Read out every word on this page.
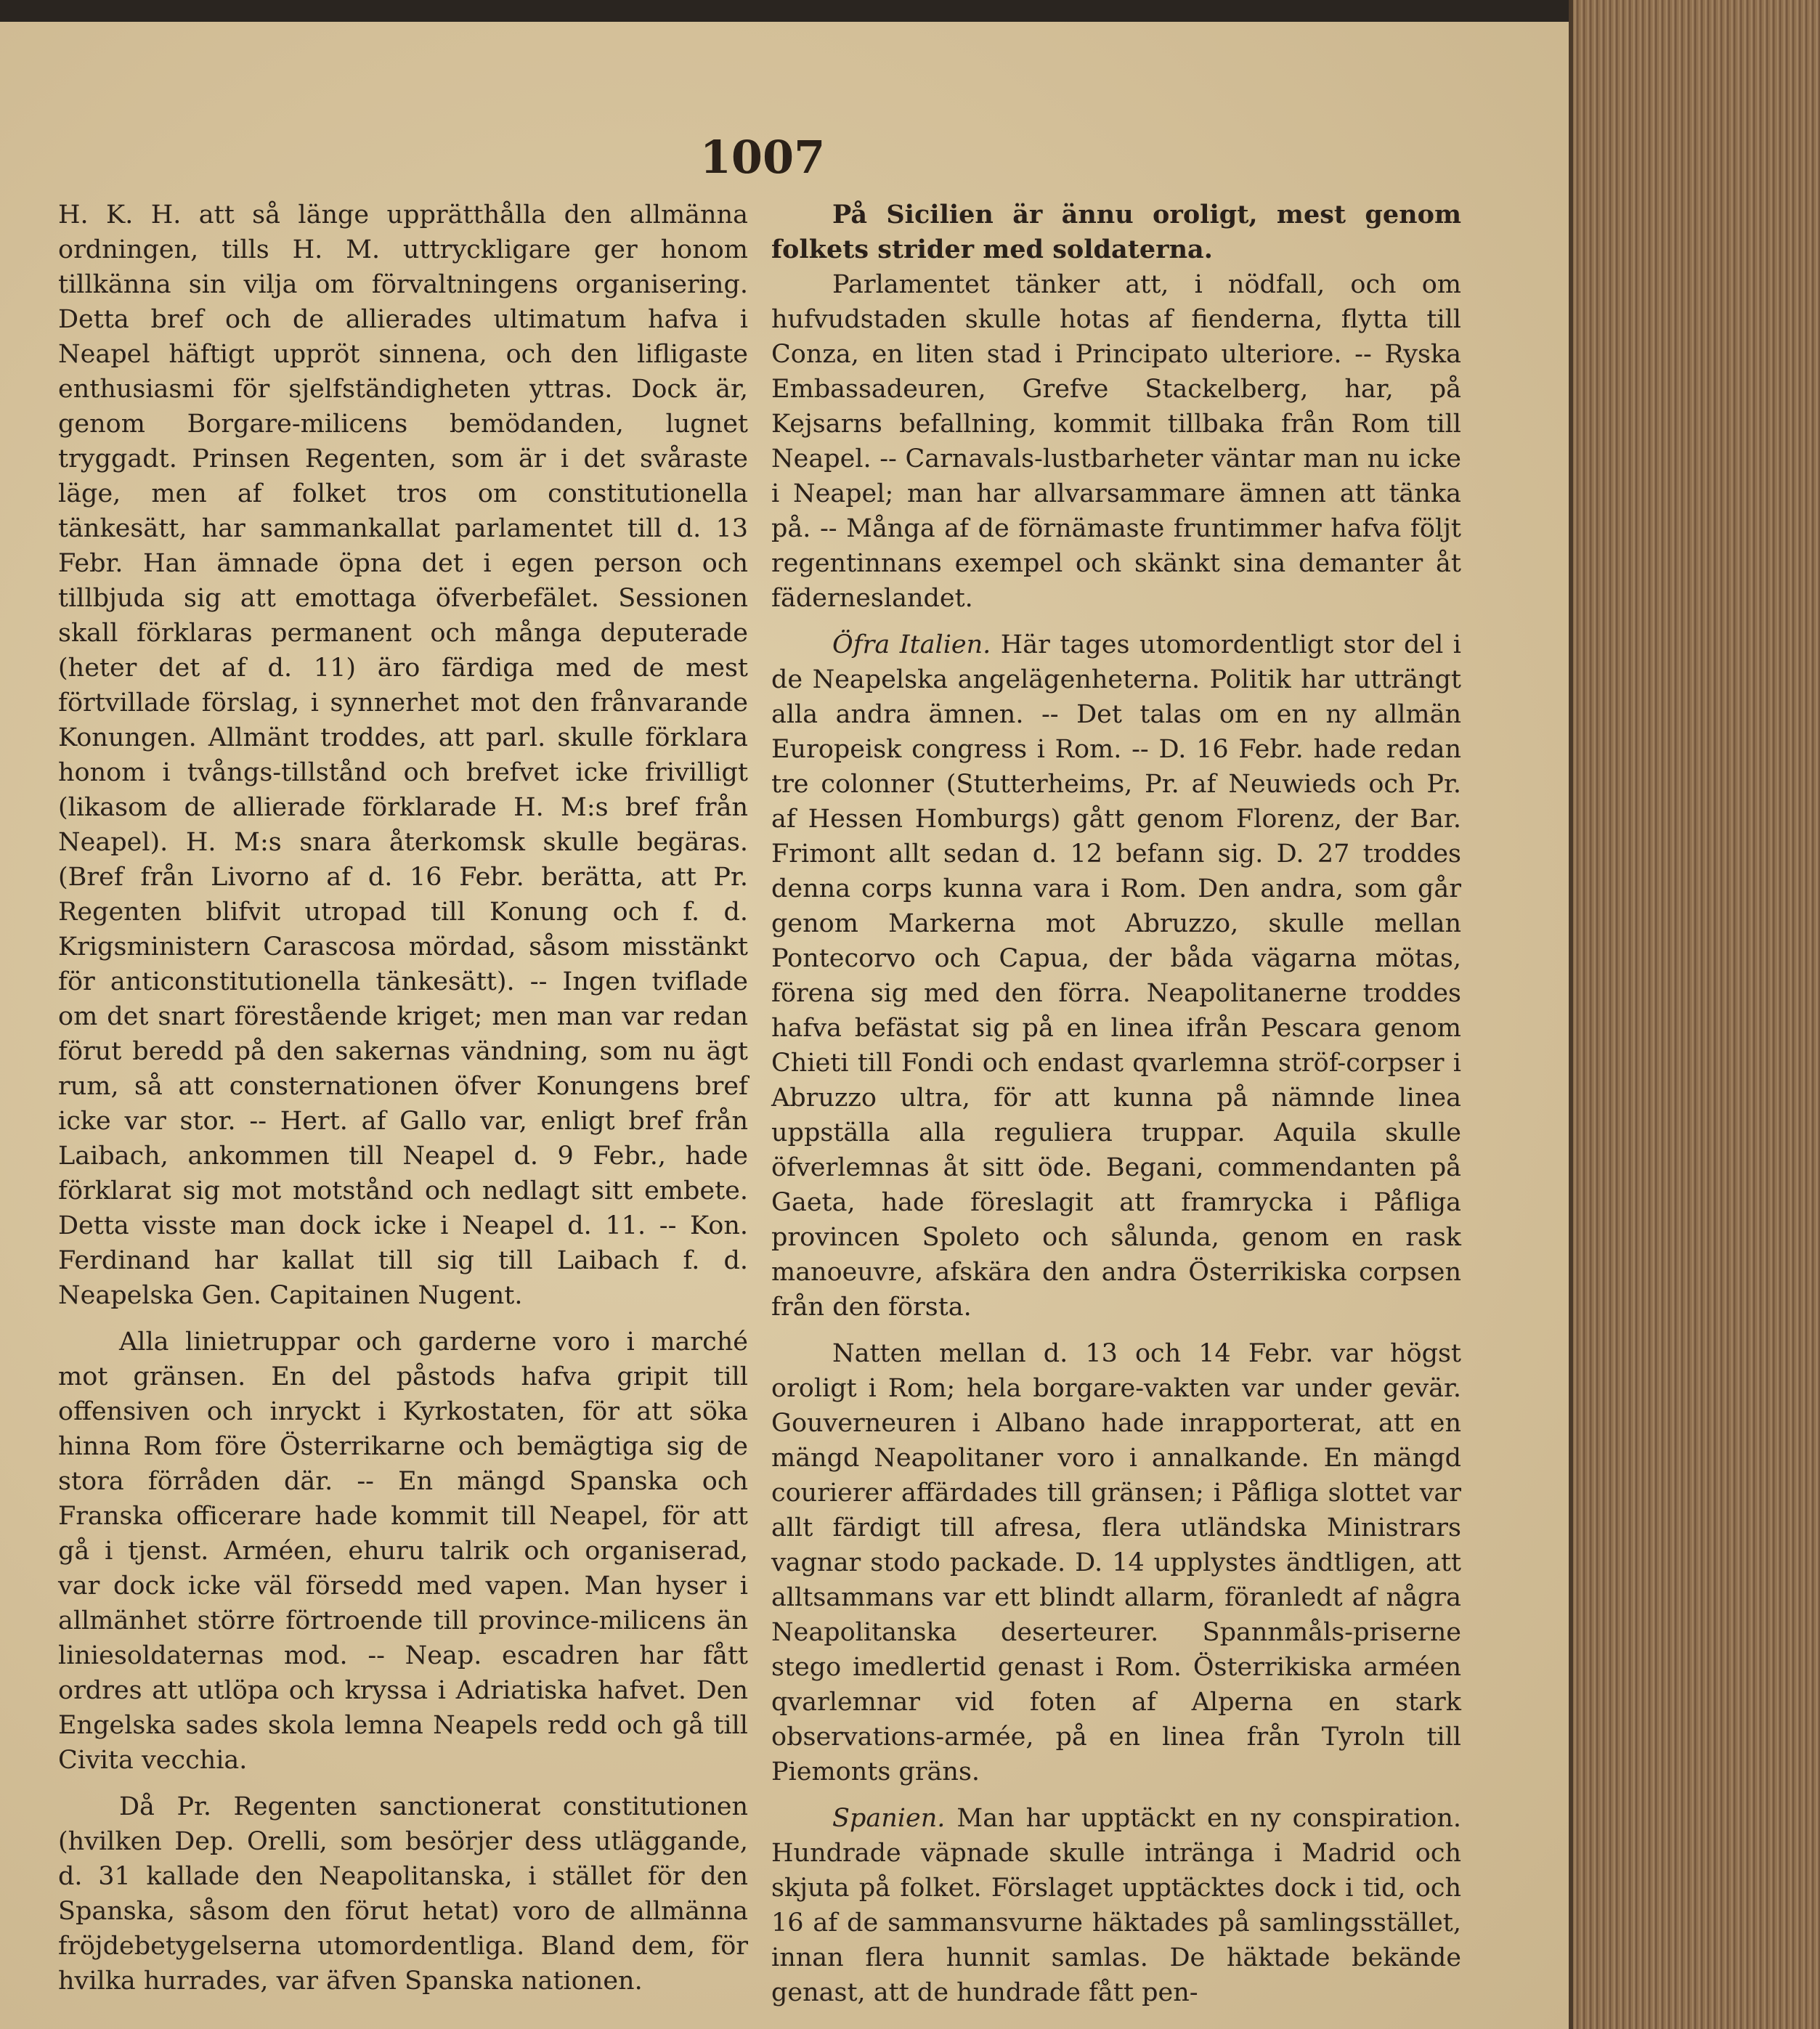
1007

H. K. H. att så länge upprätthålla den allmänna ordningen, tills H. M. uttryckligare ger honom tillkänna sin vilja om förvaltningens organisering. Detta bref och de allierades ultimatum hafva i Neapel häftigt uppröt sinnena, och den lifligaste enthusiasmi för sjelfständigheten yttras. Dock är, genom Borgare-milicens bemödanden, lugnet tryggadt. Prinsen Regenten, som är i det svåraste läge, men af folket tros om constitutionella tänkesätt, har sammankallat parlamentet till d. 13 Febr. Han ämnade öpna det i egen person och tillbjuda sig att emottaga öfverbefälet. Sessionen skall förklaras permanent och många deputerade (heter det af d. 11) äro färdiga med de mest förtvillade förslag, i synnerhet mot den frånvarande Konungen. Allmänt troddes, att parl. skulle förklara honom i tvångs-tillstånd och brefvet icke frivilligt (likasom de allierade förklarade H. M:s bref från Neapel). H. M:s snara återkomsk skulle begäras. (Bref från Livorno af d. 16 Febr. berätta, att Pr. Regenten blifvit utropad till Konung och f. d. Krigsministern Carascosa mördad, såsom misstänkt för anticonstitutionella tänkesätt). -- Ingen tviflade om det snart förestående kriget; men man var redan förut beredd på den sakernas vändning, som nu ägt rum, så att consternationen öfver Konungens bref icke var stor. -- Hert. af Gallo var, enligt bref från Laibach, ankommen till Neapel d. 9 Febr., hade förklarat sig mot motstånd och nedlagt sitt embete. Detta visste man dock icke i Neapel d. 11. -- Kon. Ferdinand har kallat till sig till Laibach f. d. Neapelska Gen. Capitainen Nugent.

Alla linietruppar och garderne voro i marché mot gränsen. En del påstods hafva gripit till offensiven och inryckt i Kyrkostaten, för att söka hinna Rom före Österrikarne och bemägtiga sig de stora förråden där. -- En mängd Spanska och Franska officerare hade kommit till Neapel, för att gå i tjenst. Arméen, ehuru talrik och organiserad, var dock icke väl försedd med vapen. Man hyser i allmänhet större förtroende till province-milicens än liniesoldaternas mod. -- Neap. escadren har fått ordres att utlöpa och kryssa i Adriatiska hafvet. Den Engelska sades skola lemna Neapels redd och gå till Civita vecchia.

Då Pr. Regenten sanctionerat constitutionen (hvilken Dep. Orelli, som besörjer dess utläggande, d. 31 kallade den Neapolitanska, i stället för den Spanska, såsom den förut hetat) voro de allmänna fröjdebetygelserna utomordentliga. Bland dem, för hvilka hurrades, var äfven Spanska nationen.

På Sicilien är ännu oroligt, mest genom folkets strider med soldaterna.

Parlamentet tänker att, i nödfall, och om hufvudstaden skulle hotas af fienderna, flytta till Conza, en liten stad i Principato ulteriore. -- Ryska Embassadeuren, Grefve Stackelberg, har, på Kejsarns befallning, kommit tillbaka från Rom till Neapel. -- Carnavals-lustbarheter väntar man nu icke i Neapel; man har allvarsammare ämnen att tänka på. -- Många af de förnämaste fruntimmer hafva följt regentinnans exempel och skänkt sina demanter åt fäderneslandet.

Öfra Italien. Här tages utomordentligt stor del i de Neapelska angelägenheterna. Politik har utträngt alla andra ämnen. -- Det talas om en ny allmän Europeisk congress i Rom. -- D. 16 Febr. hade redan tre colonner (Stutterheims, Pr. af Neuwieds och Pr. af Hessen Homburgs) gått genom Florenz, der Bar. Frimont allt sedan d. 12 befann sig. D. 27 troddes denna corps kunna vara i Rom. Den andra, som går genom Markerna mot Abruzzo, skulle mellan Pontecorvo och Capua, der båda vägarna mötas, förena sig med den förra. Neapolitanerne troddes hafva befästat sig på en linea ifrån Pescara genom Chieti till Fondi och endast qvarlemna ströf-corpser i Abruzzo ultra, för att kunna på nämnde linea uppställa alla reguliera truppar. Aquila skulle öfverlemnas åt sitt öde. Begani, commendanten på Gaeta, hade föreslagit att framrycka i Påfliga provincen Spoleto och sålunda, genom en rask manoeuvre, afskära den andra Österrikiska corpsen från den första.

Natten mellan d. 13 och 14 Febr. var högst oroligt i Rom; hela borgare-vakten var under gevär. Gouverneuren i Albano hade inrapporterat, att en mängd Neapolitaner voro i annalkande. En mängd courierer affärdades till gränsen; i Påfliga slottet var allt färdigt till afresa, flera utländska Ministrars vagnar stodo packade. D. 14 upplystes ändtligen, att alltsammans var ett blindt allarm, föranledt af några Neapolitanska deserteurer. Spannmåls-priserne stego imedlertid genast i Rom. Österrikiska arméen qvarlemnar vid foten af Alperna en stark observations-armée, på en linea från Tyroln till Piemonts gräns.

Spanien. Man har upptäckt en ny conspiration. Hundrade väpnade skulle intränga i Madrid och skjuta på folket. Förslaget upptäcktes dock i tid, och 16 af de sammansvurne häktades på samlingsstället, innan flera hunnit samlas. De häktade bekände genast, att de hundrade fått pen-
